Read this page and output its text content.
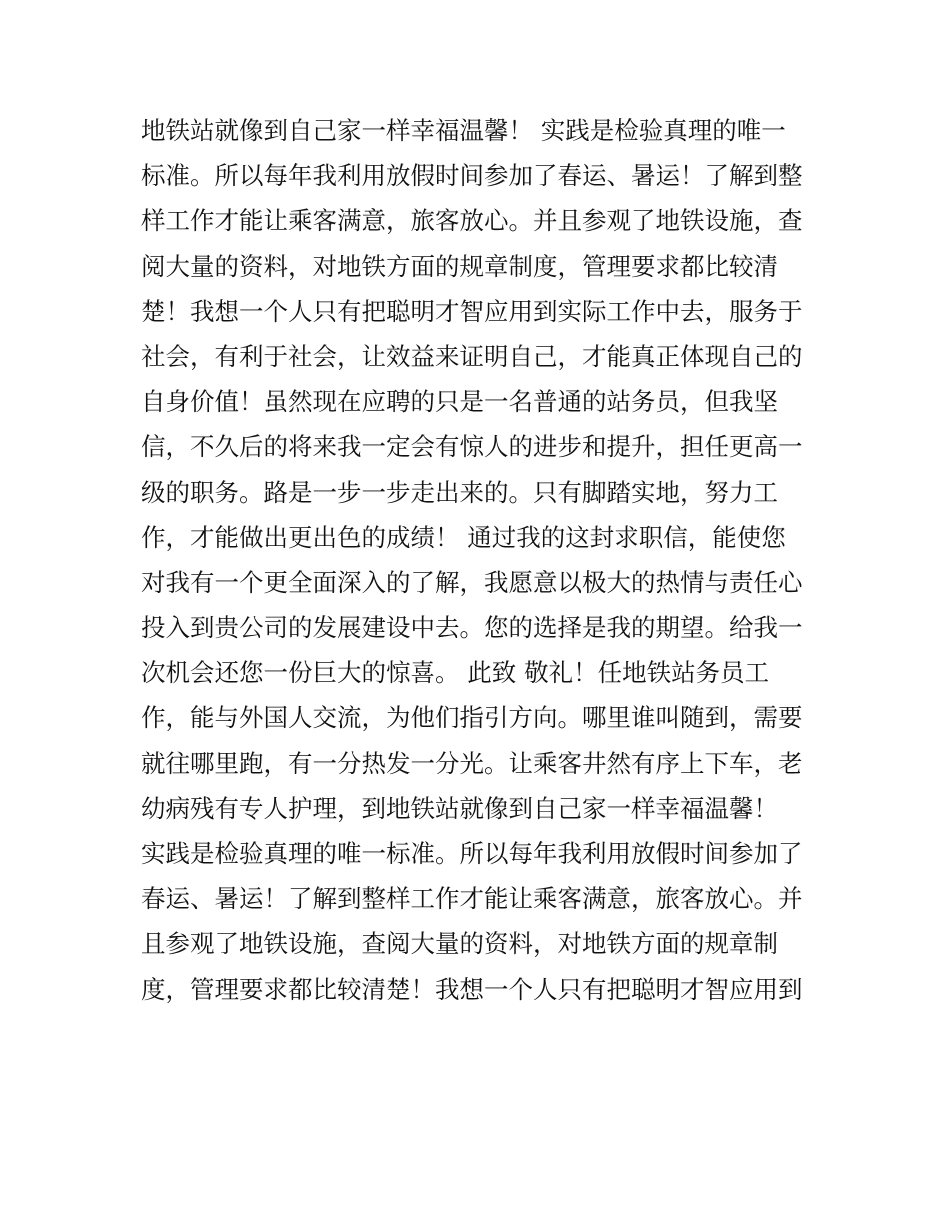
地铁站就像到自己家一样幸福温馨！ 实践是检验真理的唯一
标准。所以每年我利用放假时间参加了春运、暑运！了解到整
样工作才能让乘客满意，旅客放心。并且参观了地铁设施，查
阅大量的资料，对地铁方面的规章制度，管理要求都比较清
楚！我想一个人只有把聪明才智应用到实际工作中去，服务于
社会，有利于社会，让效益来证明自己，才能真正体现自己的
自身价值！虽然现在应聘的只是一名普通的站务员，但我坚
信，不久后的将来我一定会有惊人的进步和提升，担任更高一
级的职务。路是一步一步走出来的。只有脚踏实地，努力工
作，才能做出更出色的成绩！ 通过我的这封求职信，能使您
对我有一个更全面深入的了解，我愿意以极大的热情与责任心
投入到贵公司的发展建设中去。您的选择是我的期望。给我一
次机会还您一份巨大的惊喜。 此致 敬礼！任地铁站务员工
作，能与外国人交流，为他们指引方向。哪里谁叫随到，需要
就往哪里跑，有一分热发一分光。让乘客井然有序上下车，老
幼病残有专人护理，到地铁站就像到自己家一样幸福温馨！
实践是检验真理的唯一标准。所以每年我利用放假时间参加了
春运、暑运！了解到整样工作才能让乘客满意，旅客放心。并
且参观了地铁设施，查阅大量的资料，对地铁方面的规章制
度，管理要求都比较清楚！我想一个人只有把聪明才智应用到
